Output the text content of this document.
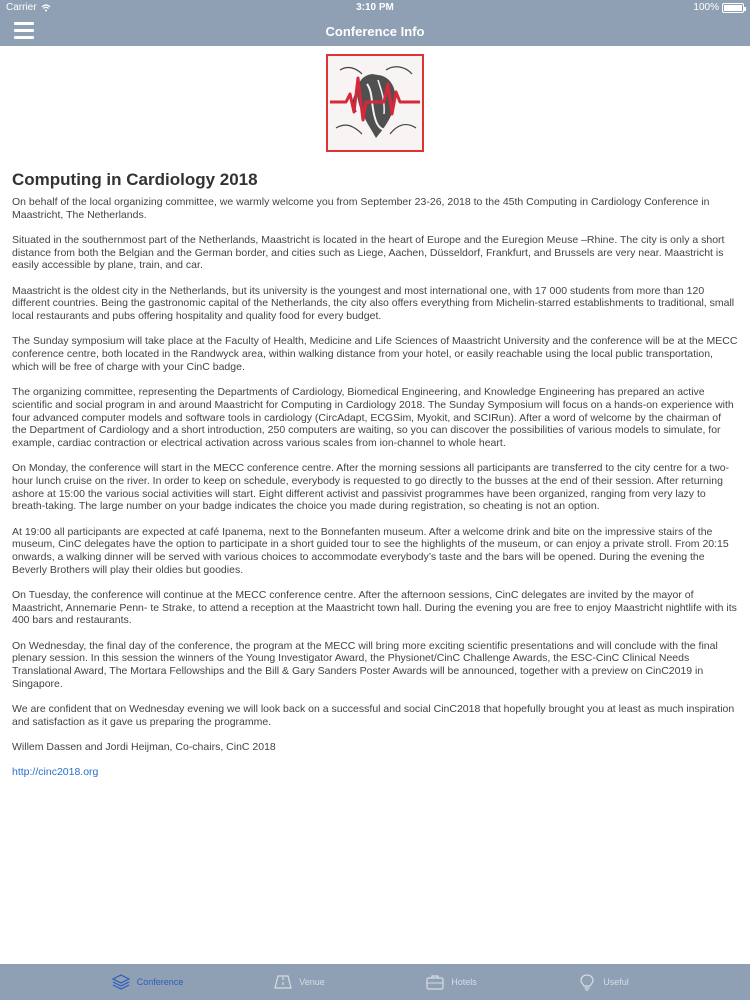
Carrier	3:10 PM	100%
Conference Info
Computing in Cardiology 2018

On behalf of the local organizing committee, we warmly welcome you from September 23-26, 2018 to the 45th Computing in Cardiology Conference in Maastricht, The Netherlands.

Situated in the southernmost part of the Netherlands, Maastricht is located in the heart of Europe and the Euregion Meuse –Rhine. The city is only a short distance from both the Belgian and the German border, and cities such as Liege, Aachen, Düsseldorf, Frankfurt, and Brussels are very near. Maastricht is easily accessible by plane, train, and car.

Maastricht is the oldest city in the Netherlands, but its university is the youngest and most international one, with 17 000 students from more than 120 different countries. Being the gastronomic capital of the Netherlands, the city also offers everything from Michelin-starred establishments to traditional, small local restaurants and pubs offering hospitality and quality food for every budget.

The Sunday symposium will take place at the Faculty of Health, Medicine and Life Sciences of Maastricht University and the conference will be at the MECC conference centre, both located in the Randwyck area, within walking distance from your hotel, or easily reachable using the local public transportation, which will be free of charge with your CinC badge.

The organizing committee, representing the Departments of Cardiology, Biomedical Engineering, and Knowledge Engineering has prepared an active scientific and social program in and around Maastricht for Computing in Cardiology 2018. The Sunday Symposium will focus on a hands-on experience with four advanced computer models and software tools in cardiology (CircAdapt, ECGSim, Myokit, and SCIRun). After a word of welcome by the chairman of the Department of Cardiology and a short introduction, 250 computers are waiting, so you can discover the possibilities of various models to simulate, for example, cardiac contraction or electrical activation across various scales from ion-channel to whole heart.

On Monday, the conference will start in the MECC conference centre. After the morning sessions all participants are transferred to the city centre for a two-hour lunch cruise on the river. In order to keep on schedule, everybody is requested to go directly to the busses at the end of their session. After returning ashore at 15:00 the various social activities will start. Eight different activist and passivist programmes have been organized, ranging from very lazy to breath-taking. The large number on your badge indicates the choice you made during registration, so cheating is not an option.

At 19:00 all participants are expected at café Ipanema, next to the Bonnefanten museum. After a welcome drink and bite on the impressive stairs of the museum, CinC delegates have the option to participate in a short guided tour to see the highlights of the museum, or can enjoy a private stroll. From 20:15 onwards, a walking dinner will be served with various choices to accommodate everybody’s taste and the bars will be opened. During the evening the Beverly Brothers will play their oldies but goodies.

On Tuesday, the conference will continue at the MECC conference centre. After the afternoon sessions, CinC delegates are invited by the mayor of Maastricht, Annemarie Penn- te Strake, to attend a reception at the Maastricht town hall. During the evening you are free to enjoy Maastricht nightlife with its 400 bars and restaurants.

On Wednesday, the final day of the conference, the program at the MECC will bring more exciting scientific presentations and will conclude with the final plenary session. In this session the winners of the Young Investigator Award, the Physionet/CinC Challenge Awards, the ESC-CinC Clinical Needs Translational Award, The Mortara Fellowships and the Bill & Gary Sanders Poster Awards will be announced, together with a preview on CinC2019 in Singapore.

We are confident that on Wednesday evening we will look back on a successful and social CinC2018 that hopefully brought you at least as much inspiration and satisfaction as it gave us preparing the programme.

Willem Dassen and Jordi Heijman, Co-chairs, CinC 2018

http://cinc2018.org

Conference	Venue	Hotels	Useful
